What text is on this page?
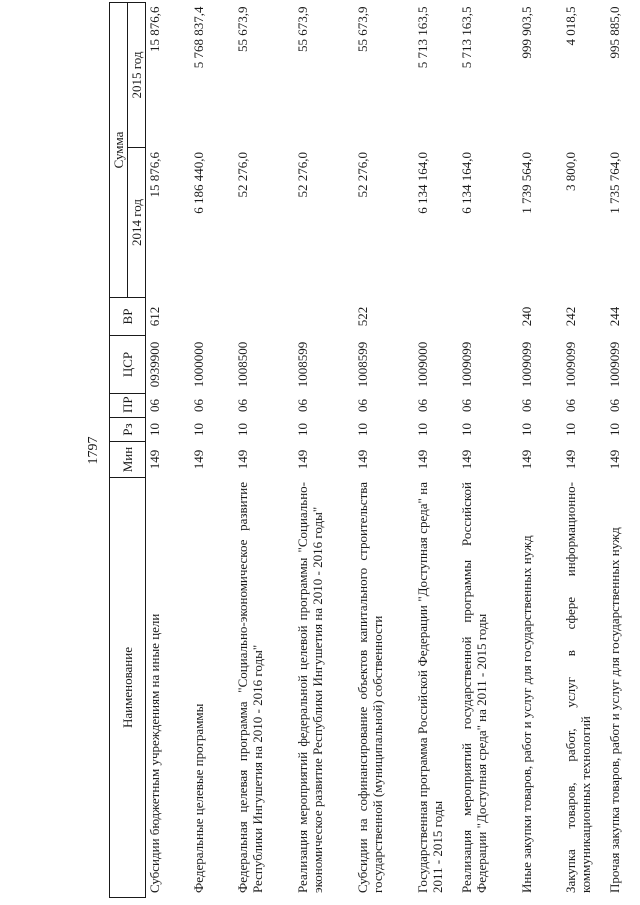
1797
Наименование	Мин	Рз	ПР	ЦСР	ВР	Сумма	
						2014 год	2015 год
Субсидии бюджетным учреждениям на иные цели	149	10	06	0939900	612	15 876,6	15 876,6
Федеральные целевые программы	149	10	06	1000000		6 186 440,0	5 768 837,4
Федеральная целевая программа "Социально-экономическое развитие Республики Ингушетия на 2010 - 2016 годы"	149	10	06	1008500		52 276,0	55 673,9
Реализация мероприятий федеральной целевой программы "Социально-экономическое развитие Республики Ингушетия на 2010 - 2016 годы"	149	10	06	1008599		52 276,0	55 673,9
Субсидии на софинансирование объектов капитального строительства государственной (муниципальной) собственности	149	10	06	1008599	522	52 276,0	55 673,9
Государственная программа Российской Федерации "Доступная среда" на 2011 - 2015 годы	149	10	06	1009000		6 134 164,0	5 713 163,5
Реализация мероприятий государственной программы Российской Федерации "Доступная среда" на 2011 - 2015 годы	149	10	06	1009099		6 134 164,0	5 713 163,5
Иные закупки товаров, работ и услуг для государственных нужд	149	10	06	1009099	240	1 739 564,0	999 903,5
Закупка товаров, работ, услуг в сфере информационно-коммуникационных технологий	149	10	06	1009099	242	3 800,0	4 018,5
Прочая закупка товаров, работ и услуг для государственных нужд	149	10	06	1009099	244	1 735 764,0	995 885,0
